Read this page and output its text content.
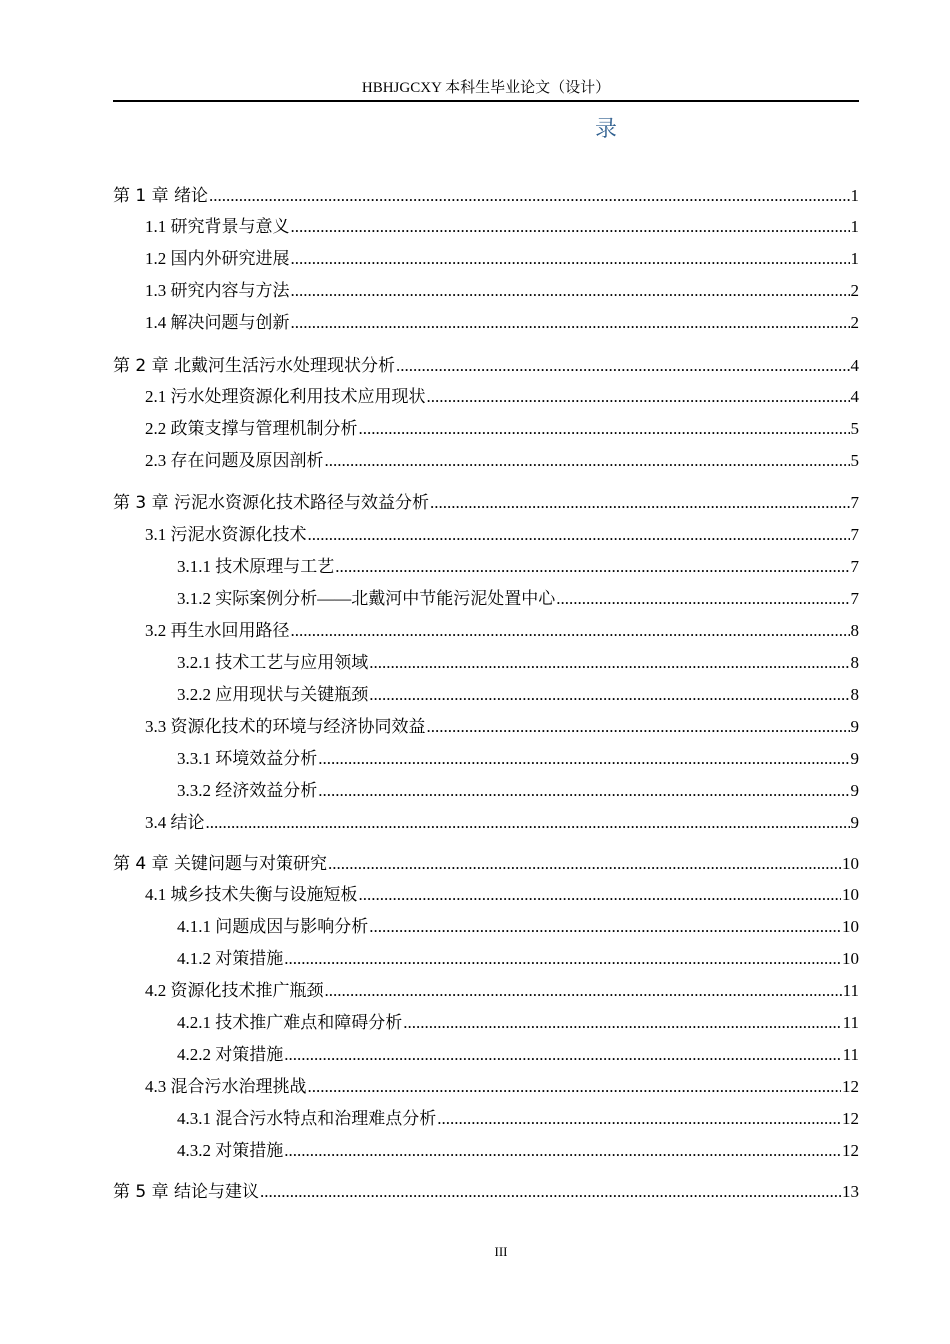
HBHJGCXY 本科生毕业论文（设计）
录
第 1 章 绪论 .....	1
1.1 研究背景与意义 .....	1
1.2 国内外研究进展 .....	1
1.3 研究内容与方法 .....	2
1.4 解决问题与创新 .....	2
第 2 章 北戴河生活污水处理现状分析 .....	4
2.1 污水处理资源化利用技术应用现状 .....	4
2.2 政策支撑与管理机制分析 .....	5
2.3 存在问题及原因剖析 .....	5
第 3 章 污泥水资源化技术路径与效益分析 .....	7
3.1 污泥水资源化技术 .....	7
3.1.1 技术原理与工艺 .....	7
3.1.2 实际案例分析——北戴河中节能污泥处置中心 .....	7
3.2 再生水回用路径 .....	8
3.2.1 技术工艺与应用领域 .....	8
3.2.2 应用现状与关键瓶颈 .....	8
3.3 资源化技术的环境与经济协同效益 .....	9
3.3.1 环境效益分析 .....	9
3.3.2 经济效益分析 .....	9
3.4 结论 .....	9
第 4 章 关键问题与对策研究 .....	10
4.1 城乡技术失衡与设施短板 .....	10
4.1.1 问题成因与影响分析 .....	10
4.1.2 对策措施 .....	10
4.2 资源化技术推广瓶颈 .....	11
4.2.1 技术推广难点和障碍分析 .....	11
4.2.2 对策措施 .....	11
4.3 混合污水治理挑战 .....	12
4.3.1 混合污水特点和治理难点分析 .....	12
4.3.2 对策措施 .....	12
第 5 章 结论与建议 .....	13
III
